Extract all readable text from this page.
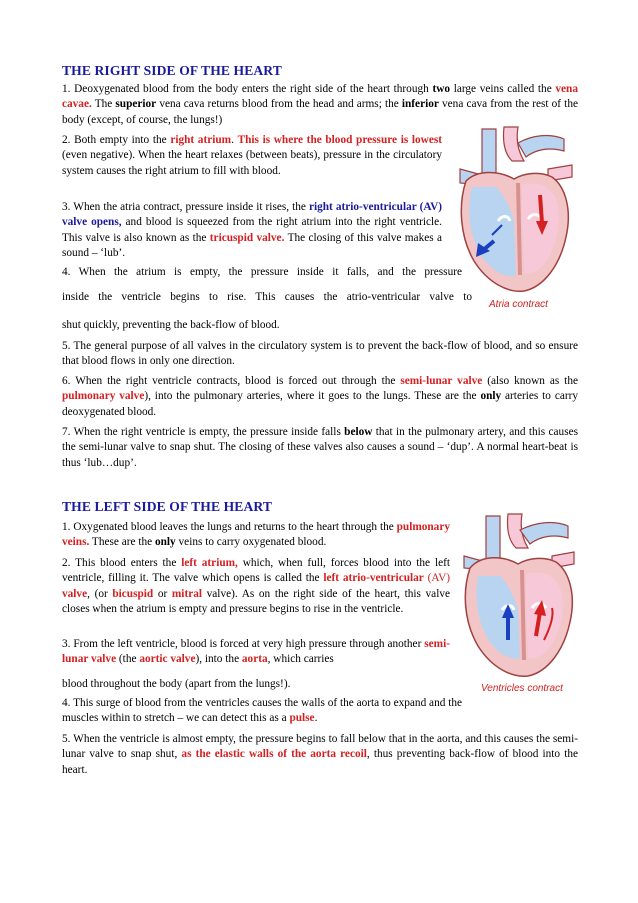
THE RIGHT SIDE OF THE HEART

1. Deoxygenated blood from the body enters the right side of the heart through two large veins called the vena cavae. The superior vena cava returns blood from the head and arms; the inferior vena cava from the rest of the body (except, of course, the lungs!)

2. Both empty into the right atrium. This is where the blood pressure is lowest (even negative). When the heart relaxes (between beats), pressure in the circulatory system causes the right atrium to fill with blood.

3. When the atria contract, pressure inside it rises, the right atrio-ventricular (AV) valve opens, and blood is squeezed from the right atrium into the right ventricle. This valve is also known as the tricuspid valve. The closing of this valve makes a sound – ‘lub’.

4. When the atrium is empty, the pressure inside it falls, and the pressure
inside the ventricle begins to rise. This causes the atrio-ventricular valve to
shut quickly, preventing the back-flow of blood.

5. The general purpose of all valves in the circulatory system is to prevent the back-flow of blood, and so ensure that blood flows in only one direction.

6. When the right ventricle contracts, blood is forced out through the semi-lunar valve (also known as the pulmonary valve), into the pulmonary arteries, where it goes to the lungs. These are the only arteries to carry deoxygenated blood.

7. When the right ventricle is empty, the pressure inside falls below that in the pulmonary artery, and this causes the semi-lunar valve to snap shut. The closing of these valves also causes a sound – ‘dup’. A normal heart-beat is thus ‘lub…dup’.

Atria contract
THE LEFT SIDE OF THE HEART

1. Oxygenated blood leaves the lungs and returns to the heart through the pulmonary veins. These are the only veins to carry oxygenated blood.

2. This blood enters the left atrium, which, when full, forces blood into the left ventricle, filling it. The valve which opens is called the left atrio-ventricular (AV) valve, (or bicuspid or mitral valve). As on the right side of the heart, this valve closes when the atrium is empty and pressure begins to rise in the ventricle.

3. From the left ventricle, blood is forced at very high pressure through another semi-lunar valve (the aortic valve), into the aorta, which carries

blood throughout the body (apart from the lungs!).

4. This surge of blood from the ventricles causes the walls of the aorta to expand and the muscles within to stretch – we can detect this as a pulse.

5. When the ventricle is almost empty, the pressure begins to fall below that in the aorta, and this causes the semi-lunar valve to snap shut, as the elastic walls of the aorta recoil, thus preventing back-flow of blood into the heart.

Ventricles contract
